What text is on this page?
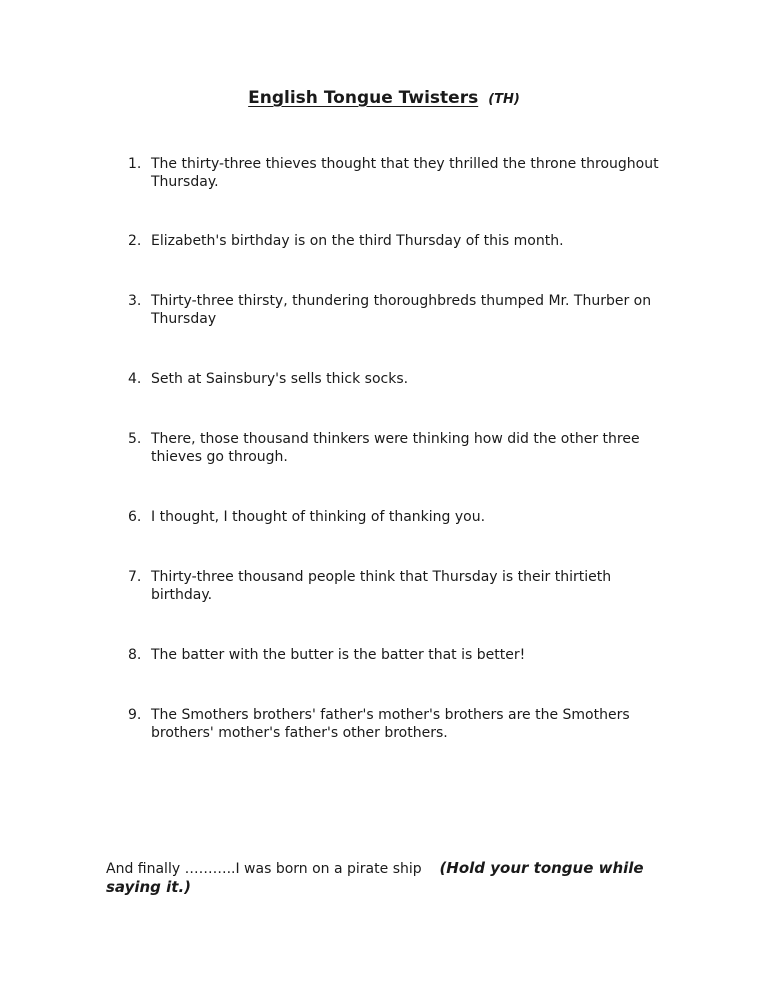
English Tongue Twisters (TH)
1. The thirty-three thieves thought that they thrilled the throne throughout Thursday.
2. Elizabeth's birthday is on the third Thursday of this month.
3. Thirty-three thirsty, thundering thoroughbreds thumped Mr. Thurber on Thursday
4. Seth at Sainsbury's sells thick socks.
5. There, those thousand thinkers were thinking how did the other three thieves go through.
6. I thought, I thought of thinking of thanking you.
7. Thirty-three thousand people think that Thursday is their thirtieth birthday.
8. The batter with the butter is the batter that is better!
9. The Smothers brothers' father's mother's brothers are the Smothers brothers' mother's father's other brothers.

And finally ………..I was born on a pirate ship (Hold your tongue while saying it.)
